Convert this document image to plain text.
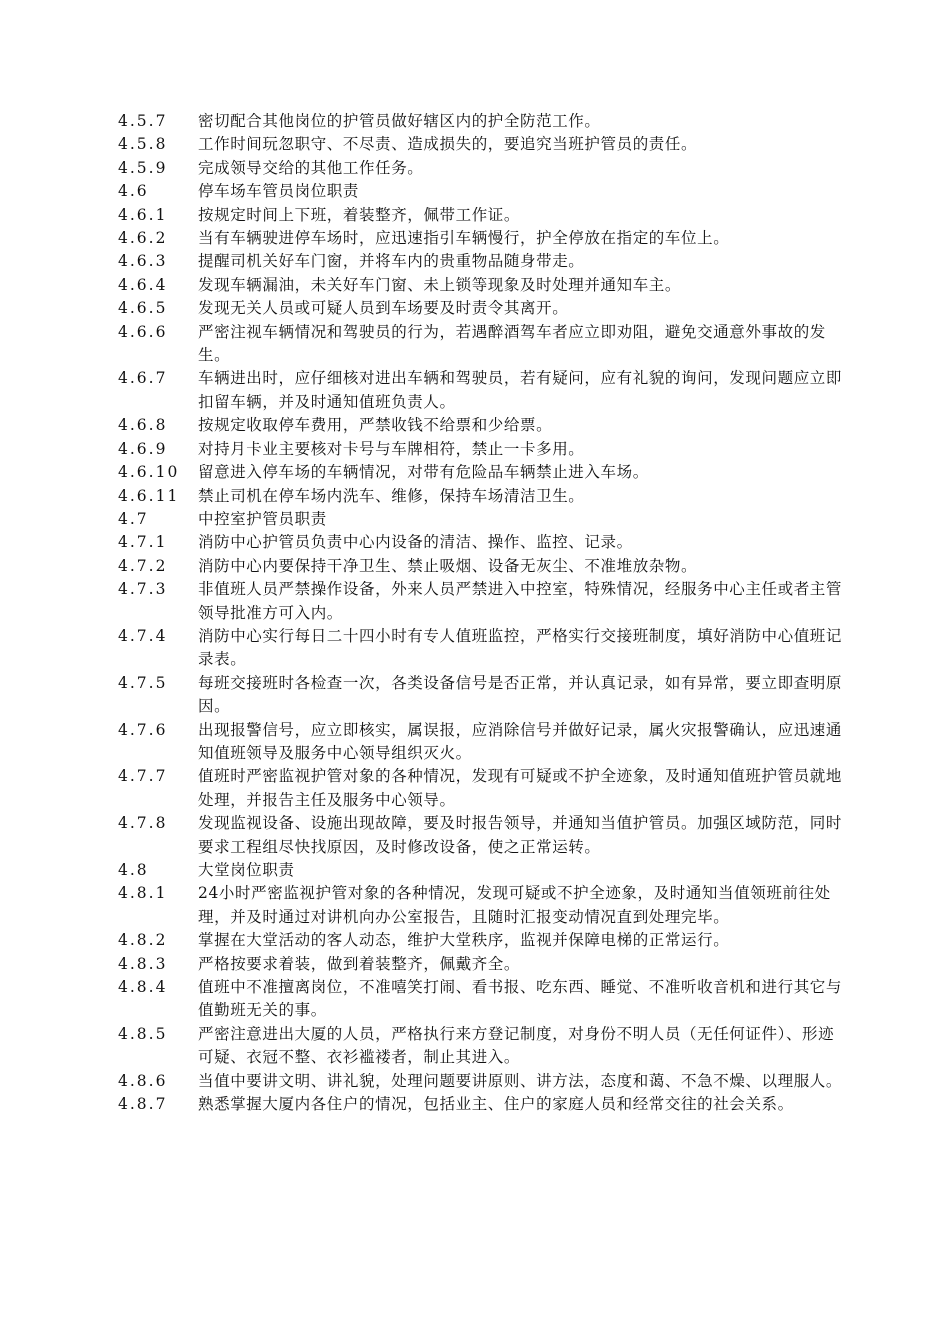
4.5.7	密切配合其他岗位的护管员做好辖区内的护全防范工作。
4.5.8	工作时间玩忽职守、不尽责、造成损失的，要追究当班护管员的责任。
4.5.9	完成领导交给的其他工作任务。
4.6	停车场车管员岗位职责
4.6.1	按规定时间上下班，着装整齐，佩带工作证。
4.6.2	当有车辆驶进停车场时，应迅速指引车辆慢行，护全停放在指定的车位上。
4.6.3	提醒司机关好车门窗，并将车内的贵重物品随身带走。
4.6.4	发现车辆漏油，未关好车门窗、未上锁等现象及时处理并通知车主。
4.6.5	发现无关人员或可疑人员到车场要及时责令其离开。
4.6.6	严密注视车辆情况和驾驶员的行为，若遇醉酒驾车者应立即劝阻，避免交通意外事故的发生。
4.6.7	车辆进出时，应仔细核对进出车辆和驾驶员，若有疑问，应有礼貌的询问，发现问题应立即扣留车辆，并及时通知值班负责人。
4.6.8	按规定收取停车费用，严禁收钱不给票和少给票。
4.6.9	对持月卡业主要核对卡号与车牌相符，禁止一卡多用。
4.6.10	留意进入停车场的车辆情况，对带有危险品车辆禁止进入车场。
4.6.11	禁止司机在停车场内洗车、维修，保持车场清洁卫生。
4.7	中控室护管员职责
4.7.1	消防中心护管员负责中心内设备的清洁、操作、监控、记录。
4.7.2	消防中心内要保持干净卫生、禁止吸烟、设备无灰尘、不准堆放杂物。
4.7.3	非值班人员严禁操作设备，外来人员严禁进入中控室，特殊情况，经服务中心主任或者主管领导批准方可入内。
4.7.4	消防中心实行每日二十四小时有专人值班监控，严格实行交接班制度，填好消防中心值班记录表。
4.7.5	每班交接班时各检查一次，各类设备信号是否正常，并认真记录，如有异常，要立即查明原因。
4.7.6	出现报警信号，应立即核实，属误报，应消除信号并做好记录，属火灾报警确认，应迅速通知值班领导及服务中心领导组织灭火。
4.7.7	值班时严密监视护管对象的各种情况，发现有可疑或不护全迹象，及时通知值班护管员就地处理，并报告主任及服务中心领导。
4.7.8	发现监视设备、设施出现故障，要及时报告领导，并通知当值护管员。加强区域防范，同时要求工程组尽快找原因，及时修改设备，使之正常运转。
4.8	大堂岗位职责
4.8.1	24小时严密监视护管对象的各种情况，发现可疑或不护全迹象，及时通知当值领班前往处理，并及时通过对讲机向办公室报告，且随时汇报变动情况直到处理完毕。
4.8.2	掌握在大堂活动的客人动态，维护大堂秩序，监视并保障电梯的正常运行。
4.8.3	严格按要求着装，做到着装整齐，佩戴齐全。
4.8.4	值班中不准擅离岗位，不准嘻笑打闹、看书报、吃东西、睡觉、不准听收音机和进行其它与值勤班无关的事。
4.8.5	严密注意进出大厦的人员，严格执行来方登记制度，对身份不明人员（无任何证件）、形迹可疑、衣冠不整、衣衫褴褛者，制止其进入。
4.8.6	当值中要讲文明、讲礼貌，处理问题要讲原则、讲方法，态度和蔼、不急不燥、以理服人。
4.8.7	熟悉掌握大厦内各住户的情况，包括业主、住户的家庭人员和经常交往的社会关系。
